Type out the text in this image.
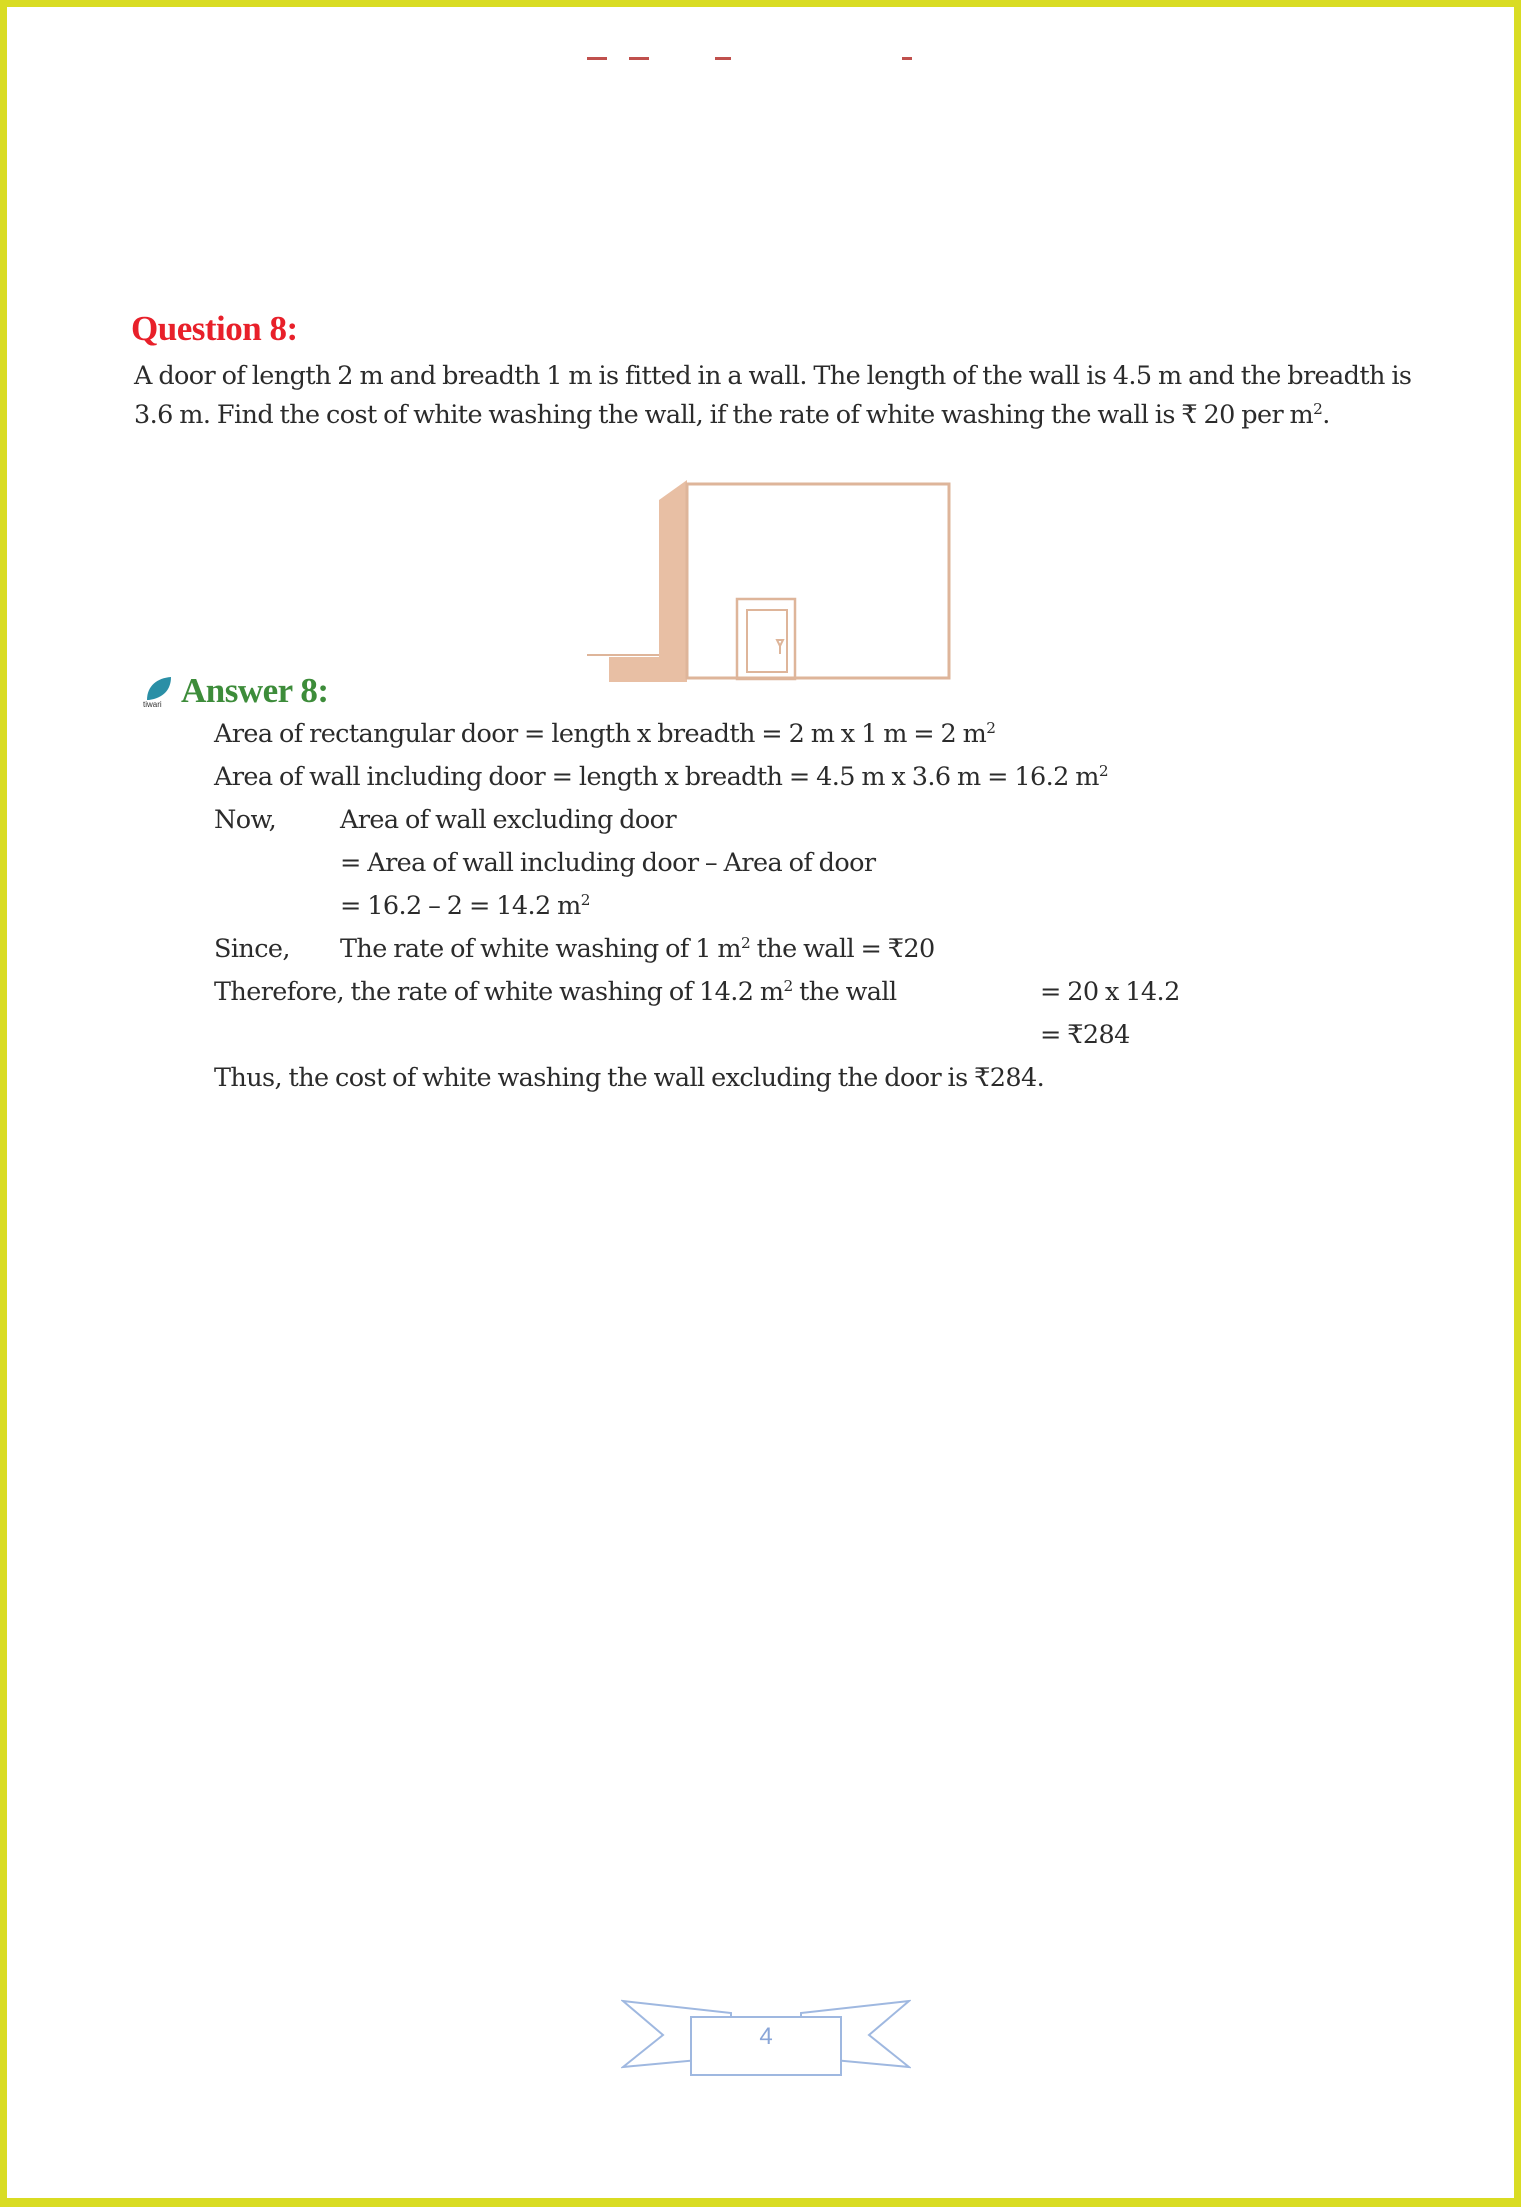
Question 8:
A door of length 2 m and breadth 1 m is fitted in a wall. The length of the wall is 4.5 m and the breadth is 3.6 m. Find the cost of white washing the wall, if the rate of white washing the wall is ₹ 20 per $m^2$.
tiwari Answer 8:
Area of rectangular door = length x breadth = 2 m x 1 m = 2 $m^2$
Area of wall including door = length x breadth = 4.5 m x 3.6 m = 16.2 $m^2$
Now,	Area of wall excluding door
= Area of wall including door – Area of door
= 16.2 – 2 = 14.2 $m^2$
Since, The rate of white washing of 1 $m^2$ the wall = ₹20
Therefore, the rate of white washing of 14.2 $m^2$ the wall	= 20 x 14.2
= ₹284
Thus, the cost of white washing the wall excluding the door is ₹284.
4
